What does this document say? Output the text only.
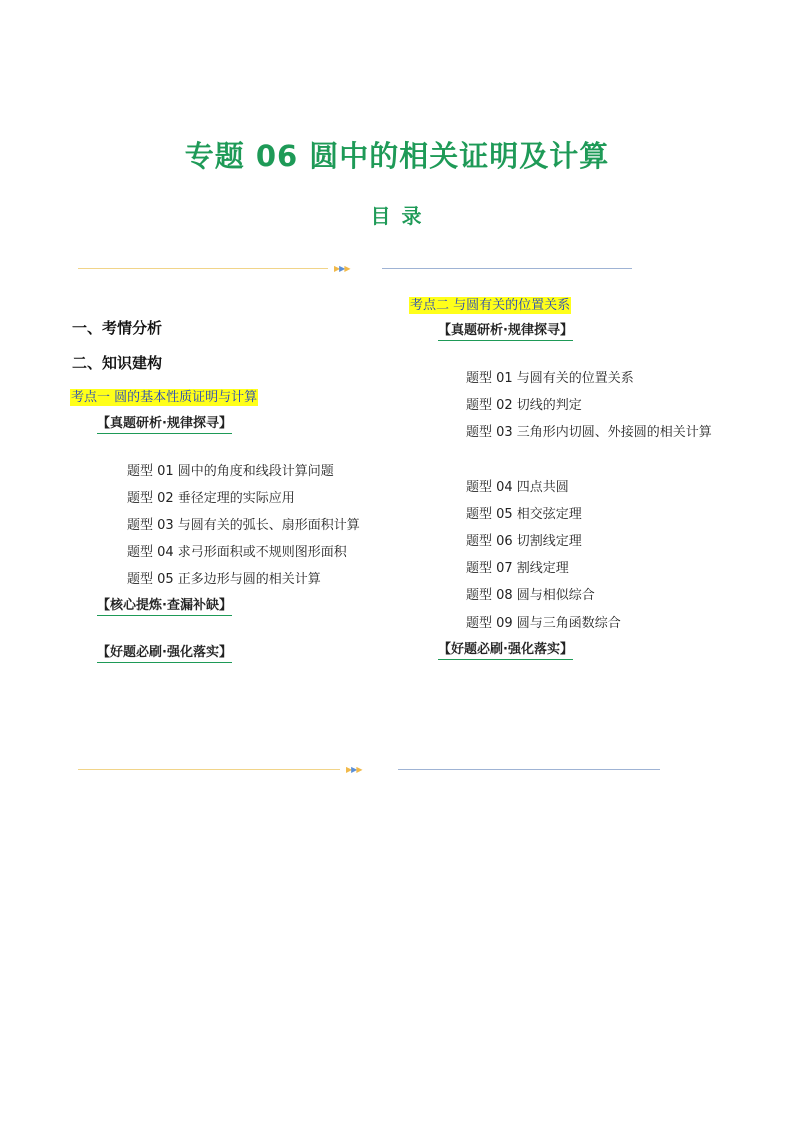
专题 06 圆中的相关证明及计算
目 录
▶▶▶
一、考情分析
二、知识建构
考点一 圆的基本性质证明与计算
【真题研析·规律探寻】
题型 01 圆中的角度和线段计算问题
题型 02 垂径定理的实际应用
题型 03 与圆有关的弧长、扇形面积计算
题型 04 求弓形面积或不规则图形面积
题型 05 正多边形与圆的相关计算
【核心提炼·查漏补缺】
【好题必刷·强化落实】
考点二 与圆有关的位置关系
【真题研析·规律探寻】
题型 01 与圆有关的位置关系
题型 02 切线的判定
题型 03 三角形内切圆、外接圆的相关计算
题型 04 四点共圆
题型 05 相交弦定理
题型 06 切割线定理
题型 07 割线定理
题型 08 圆与相似综合
题型 09 圆与三角函数综合
【好题必刷·强化落实】
▶▶▶
